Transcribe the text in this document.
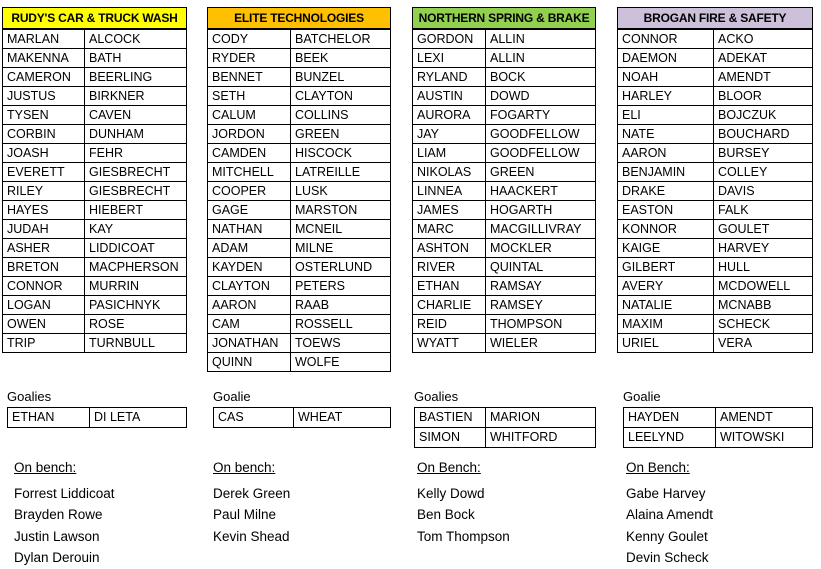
RUDY'S CAR & TRUCK WASH
MARLAN	ALCOCK
MAKENNA	BATH
CAMERON	BEERLING
JUSTUS	BIRKNER
TYSEN	CAVEN
CORBIN	DUNHAM
JOASH	FEHR
EVERETT	GIESBRECHT
RILEY	GIESBRECHT
HAYES	HIEBERT
JUDAH	KAY
ASHER	LIDDICOAT
BRETON	MACPHERSON
CONNOR	MURRIN
LOGAN	PASICHNYK
OWEN	ROSE
TRIP	TURNBULL
Goalies
ETHAN	DI LETA
On bench:
Forrest Liddicoat
Brayden Rowe
Justin Lawson
Dylan Derouin
ELITE TECHNOLOGIES
CODY	BATCHELOR
RYDER	BEEK
BENNET	BUNZEL
SETH	CLAYTON
CALUM	COLLINS
JORDON	GREEN
CAMDEN	HISCOCK
MITCHELL	LATREILLE
COOPER	LUSK
GAGE	MARSTON
NATHAN	MCNEIL
ADAM	MILNE
KAYDEN	OSTERLUND
CLAYTON	PETERS
AARON	RAAB
CAM	ROSSELL
JONATHAN	TOEWS
QUINN	WOLFE
Goalie
CAS	WHEAT
On bench:
Derek Green
Paul Milne
Kevin Shead
NORTHERN SPRING & BRAKE
GORDON	ALLIN
LEXI	ALLIN
RYLAND	BOCK
AUSTIN	DOWD
AURORA	FOGARTY
JAY	GOODFELLOW
LIAM	GOODFELLOW
NIKOLAS	GREEN
LINNEA	HAACKERT
JAMES	HOGARTH
MARC	MACGILLIVRAY
ASHTON	MOCKLER
RIVER	QUINTAL
ETHAN	RAMSAY
CHARLIE	RAMSEY
REID	THOMPSON
WYATT	WIELER
Goalies
BASTIEN	MARION
SIMON	WHITFORD
On Bench:
Kelly Dowd
Ben Bock
Tom Thompson
BROGAN FIRE & SAFETY
CONNOR	ACKO
DAEMON	ADEKAT
NOAH	AMENDT
HARLEY	BLOOR
ELI	BOJCZUK
NATE	BOUCHARD
AARON	BURSEY
BENJAMIN	COLLEY
DRAKE	DAVIS
EASTON	FALK
KONNOR	GOULET
KAIGE	HARVEY
GILBERT	HULL
AVERY	MCDOWELL
NATALIE	MCNABB
MAXIM	SCHECK
URIEL	VERA
Goalie
HAYDEN	AMENDT
LEELYND	WITOWSKI
On Bench:
Gabe Harvey
Alaina Amendt
Kenny Goulet
Devin Scheck
